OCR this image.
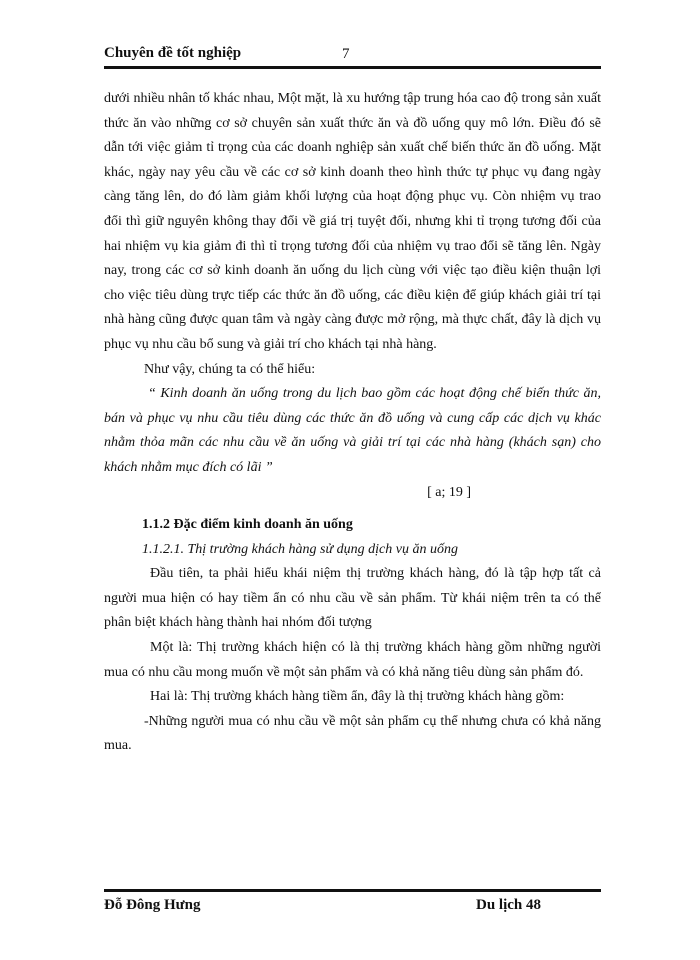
Chuyên đề tốt nghiệp	7

dưới nhiều nhân tố khác nhau, Một mặt, là xu hướng tập trung hóa cao độ trong sản xuất thức ăn vào những cơ sở chuyên sản xuất thức ăn và đồ uống quy mô lớn. Điều đó sẽ dẫn tới việc giảm tỉ trọng của các doanh nghiệp sản xuất chế biến thức ăn đồ uống. Mặt khác, ngày nay yêu cầu về các cơ sở kinh doanh theo hình thức tự phục vụ đang ngày càng tăng lên, do đó làm giảm khối lượng của hoạt động phục vụ. Còn nhiệm vụ trao đổi thì giữ nguyên không thay đổi về giá trị tuyệt đối, nhưng khi tỉ trọng tương đối của hai nhiệm vụ kia giảm đi thì tỉ trọng tương đối của nhiệm vụ trao đổi sẽ tăng lên. Ngày nay, trong các cơ sở kinh doanh ăn uống du lịch cùng với việc tạo điều kiện thuận lợi cho việc tiêu dùng trực tiếp các thức ăn đồ uống, các điều kiện để giúp khách giải trí tại nhà hàng cũng được quan tâm và ngày càng được mở rộng, mà thực chất, đây là dịch vụ phục vụ nhu cầu bổ sung và giải trí cho khách tại nhà hàng.

Như vậy, chúng ta có thể hiểu:

“ Kinh doanh ăn uống trong du lịch bao gồm các hoạt động chế biến thức ăn, bán và phục vụ nhu cầu tiêu dùng các thức ăn đồ uống và cung cấp các dịch vụ khác nhằm thỏa mãn các nhu cầu về ăn uống và giải trí tại các nhà hàng (khách sạn) cho khách nhằm mục đích có lãi ”

[ a; 19 ]

1.1.2 Đặc điểm kinh doanh ăn uống

1.1.2.1. Thị trường khách hàng sử dụng dịch vụ ăn uống

Đầu tiên, ta phải hiểu khái niệm thị trường khách hàng, đó là tập hợp tất cả người mua hiện có hay tiềm ẩn có nhu cầu về sản phẩm. Từ khái niệm trên ta có thể phân biệt khách hàng thành hai nhóm đối tượng

Một là: Thị trường khách hiện có là thị trường khách hàng gồm những người mua có nhu cầu mong muốn về một sản phẩm và có khả năng tiêu dùng sản phẩm đó.

Hai là: Thị trường khách hàng tiềm ẩn, đây là thị trường khách hàng gồm:

-Những người mua có nhu cầu về một sản phẩm cụ thể nhưng chưa có khả năng mua.

Đỗ Đông Hưng	Du lịch 48
